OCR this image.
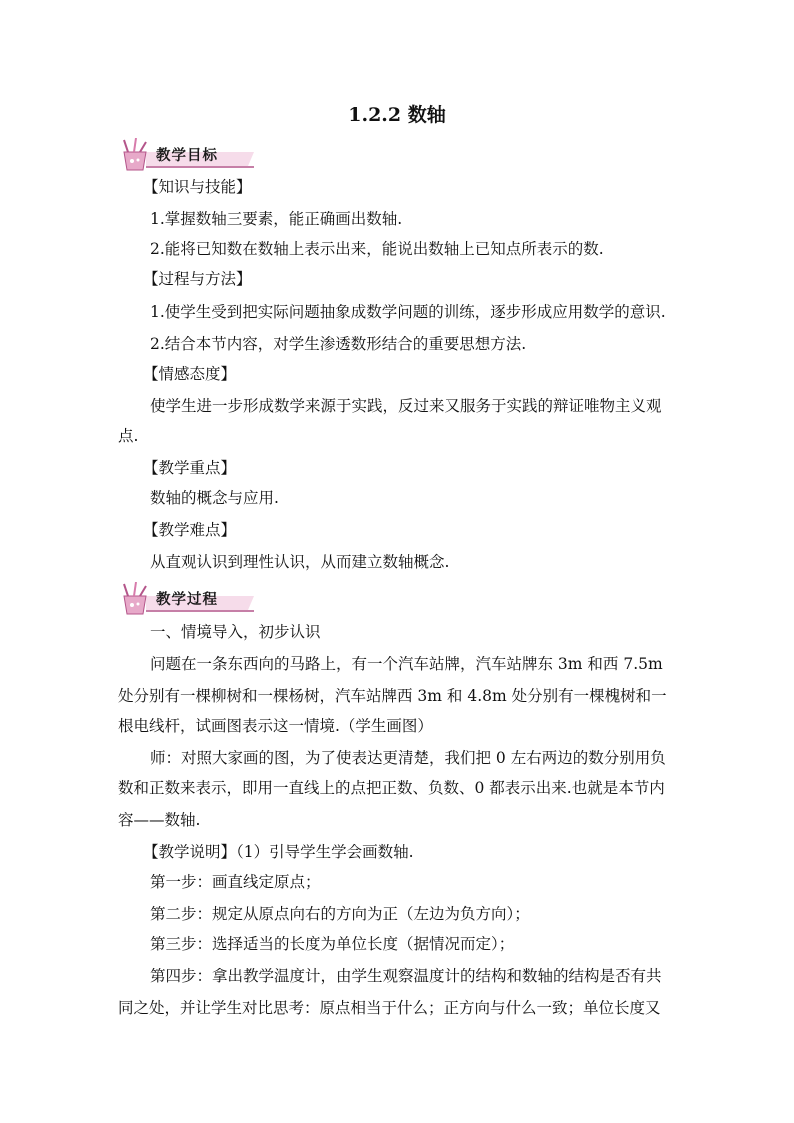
1.2.2 数轴
教学目标
【知识与技能】
1.掌握数轴三要素，能正确画出数轴.
2.能将已知数在数轴上表示出来，能说出数轴上已知点所表示的数.
【过程与方法】
1.使学生受到把实际问题抽象成数学问题的训练，逐步形成应用数学的意识.
2.结合本节内容，对学生渗透数形结合的重要思想方法.
【情感态度】
使学生进一步形成数学来源于实践，反过来又服务于实践的辩证唯物主义观
点.
【教学重点】
数轴的概念与应用.
【教学难点】
从直观认识到理性认识，从而建立数轴概念.
教学过程
一、情境导入，初步认识
问题在一条东西向的马路上，有一个汽车站牌，汽车站牌东 3m 和西 7.5m
处分别有一棵柳树和一棵杨树，汽车站牌西 3m 和 4.8m 处分别有一棵槐树和一
根电线杆，试画图表示这一情境.（学生画图）
师：对照大家画的图，为了使表达更清楚，我们把 0 左右两边的数分别用负
数和正数来表示，即用一直线上的点把正数、负数、0 都表示出来.也就是本节内
容——数轴.
【教学说明】（1）引导学生学会画数轴.
第一步：画直线定原点；
第二步：规定从原点向右的方向为正（左边为负方向）；
第三步：选择适当的长度为单位长度（据情况而定）；
第四步：拿出教学温度计，由学生观察温度计的结构和数轴的结构是否有共
同之处，并让学生对比思考：原点相当于什么；正方向与什么一致；单位长度又
